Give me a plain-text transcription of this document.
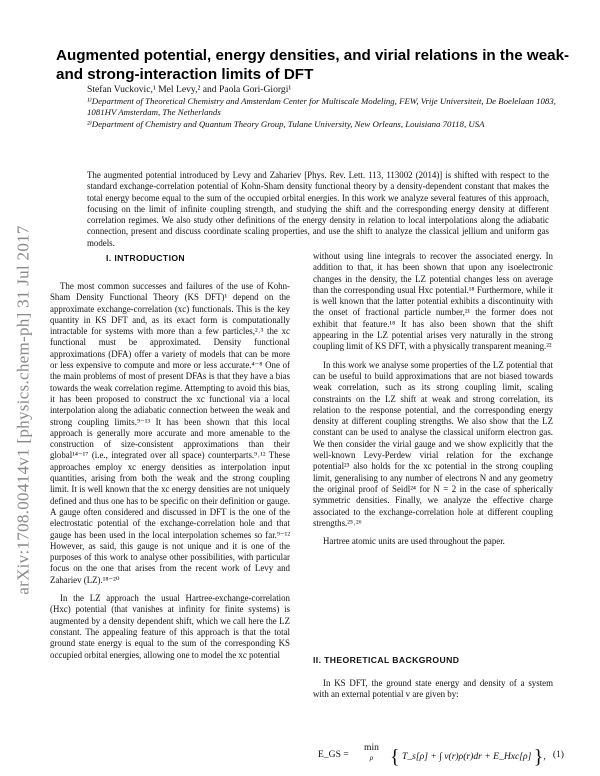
arXiv:1708.00414v1 [physics.chem-ph] 31 Jul 2017
Augmented potential, energy densities, and virial relations in the weak- and strong-interaction limits of DFT
Stefan Vuckovic,¹ Mel Levy,² and Paola Gori-Giorgi¹
¹⁾Department of Theoretical Chemistry and Amsterdam Center for Multiscale Modeling, FEW, Vrije Universiteit, De Boelelaan 1083, 1081HV Amsterdam, The Netherlands
²⁾Department of Chemistry and Quantum Theory Group, Tulane University, New Orleans, Louisiana 70118, USA

The augmented potential introduced by Levy and Zahariev [Phys. Rev. Lett. 113, 113002 (2014)] is shifted with respect to the standard exchange-correlation potential of Kohn-Sham density functional theory by a density-dependent constant that makes the total energy become equal to the sum of the occupied orbital energies. In this work we analyze several features of this approach, focusing on the limit of infinite coupling strength, and studying the shift and the corresponding energy density at different correlation regimes. We also study other definitions of the energy density in relation to local interpolations along the adiabatic connection, present and discuss coordinate scaling properties, and use the shift to analyze the classical jellium and uniform gas models.

I. INTRODUCTION

The most common successes and failures of the use of Kohn-Sham Density Functional Theory (KS DFT)¹ depend on the approximate exchange-correlation (xc) functionals. This is the key quantity in KS DFT and, as its exact form is computationally intractable for systems with more than a few particles,²˒³ the xc functional must be approximated. Density functional approximations (DFA) offer a variety of models that can be more or less expensive to compute and more or less accurate.⁴⁻⁸ One of the main problems of most of present DFAs is that they have a bias towards the weak correlation regime. Attempting to avoid this bias, it has been proposed to construct the xc functional via a local interpolation along the adiabatic connection between the weak and strong coupling limits.⁹⁻¹³ It has been shown that this local approach is generally more accurate and more amenable to the construction of size-consistent approximations than their global¹⁴⁻¹⁷ (i.e., integrated over all space) counterparts.⁹˒¹² These approaches employ xc energy densities as interpolation input quantities, arising from both the weak and the strong coupling limit. It is well known that the xc energy densities are not uniquely defined and thus one has to be specific on their definition or gauge. A gauge often considered and discussed in DFT is the one of the electrostatic potential of the exchange-correlation hole and that gauge has been used in the local interpolation schemes so far.⁹⁻¹² However, as said, this gauge is not unique and it is one of the purposes of this work to analyse other possibilities, with particular focus on the one that arises from the recent work of Levy and Zahariev (LZ).¹⁸⁻²⁰

In the LZ approach the usual Hartree-exchange-correlation (Hxc) potential (that vanishes at infinity for finite systems) is augmented by a density dependent shift, which we call here the LZ constant. The appealing feature of this approach is that the total ground state energy is equal to the sum of the corresponding KS occupied orbital energies, allowing one to model the xc potential

without using line integrals to recover the associated energy. In addition to that, it has been shown that upon any isoelectronic changes in the density, the LZ potential changes less on average than the corresponding usual Hxc potential.¹⁸ Furthermore, while it is well known that the latter potential exhibits a discontinuity with the onset of fractional particle number,²¹ the former does not exhibit that feature.¹⁸ It has also been shown that the shift appearing in the LZ potential arises very naturally in the strong coupling limit of KS DFT, with a physically transparent meaning.²²

In this work we analyse some properties of the LZ potential that can be useful to build approximations that are not biased towards weak correlation, such as its strong coupling limit, scaling constraints on the LZ shift at weak and strong correlation, its relation to the response potential, and the corresponding energy density at different coupling strengths. We also show that the LZ constant can be used to analyse the classical uniform electron gas. We then consider the virial gauge and we show explicitly that the well-known Levy-Perdew virial relation for the exchange potential²³ also holds for the xc potential in the strong coupling limit, generalising to any number of electrons N and any geometry the original proof of Seidl²⁴ for N = 2 in the case of spherically symmetric densities. Finally, we analyze the effective charge associated to the exchange-correlation hole at different coupling strengths.²⁵˒²⁶

Hartree atomic units are used throughout the paper.

II. THEORETICAL BACKGROUND

In KS DFT, the ground state energy and density of a system with an external potential v are given by:

E_GS =
min
ρ { T_s[ρ] + ∫ v(r)ρ(r)dr + E_Hxc[ρ] }, (1)
